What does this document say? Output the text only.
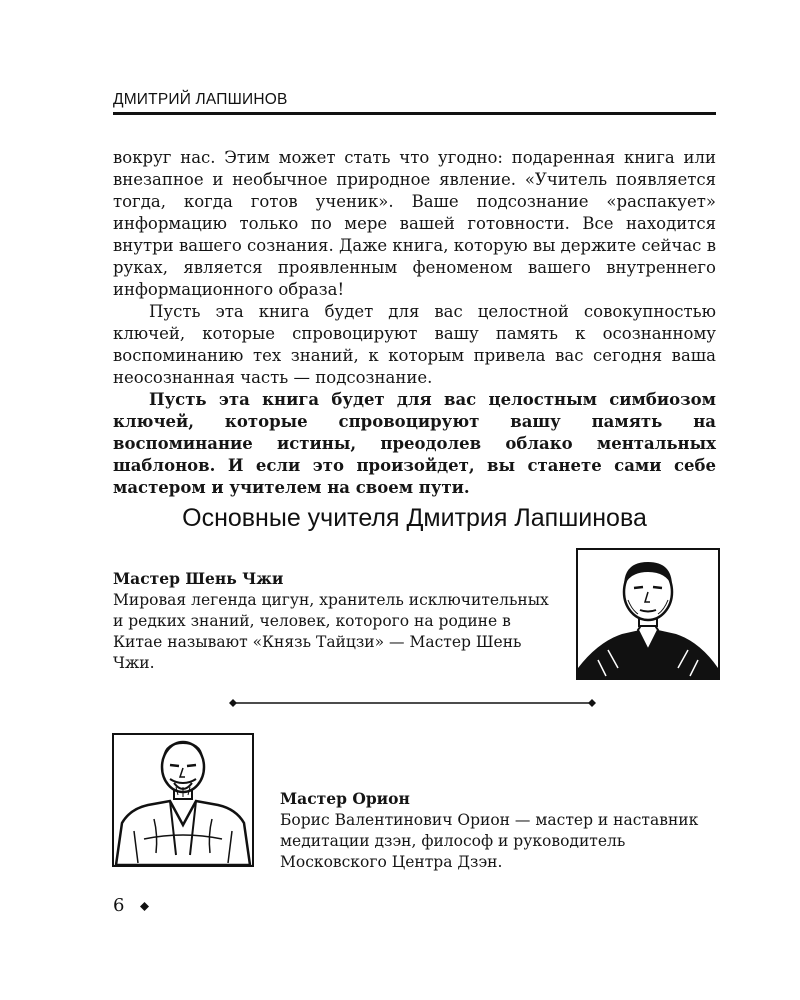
ДМИТРИЙ ЛАПШИНОВ

вокруг нас. Этим может стать что угодно: подаренная книга или внезапное и необычное природное явление. «Учитель появляется тогда, когда готов ученик». Ваше подсознание «распакует» информацию только по мере вашей готовности. Все находится внутри вашего сознания. Даже книга, которую вы держите сейчас в руках, является проявленным феноменом вашего внутреннего информационного образа!

Пусть эта книга будет для вас целостной совокупностью ключей, которые спровоцируют вашу память к осознанному воспоминанию тех знаний, к которым привела вас сегодня ваша неосознанная часть — подсознание.

Пусть эта книга будет для вас целостным симбиозом ключей, которые спровоцируют вашу память на воспоминание истины, преодолев облако ментальных шаблонов. И если это произойдет, вы станете сами себе мастером и учителем на своем пути.

Основные учителя Дмитрия Лапшинова
Мастер Шень Чжи
Мировая легенда цигун, хранитель исключительных и редких знаний, человек, которого на родине в Китае называют «Князь Тайцзи» — Мастер Шень Чжи.
Мастер Орион
Борис Валентинович Орион — мастер и наставник медитации дзэн, философ и руководитель Московского Центра Дзэн.
6
